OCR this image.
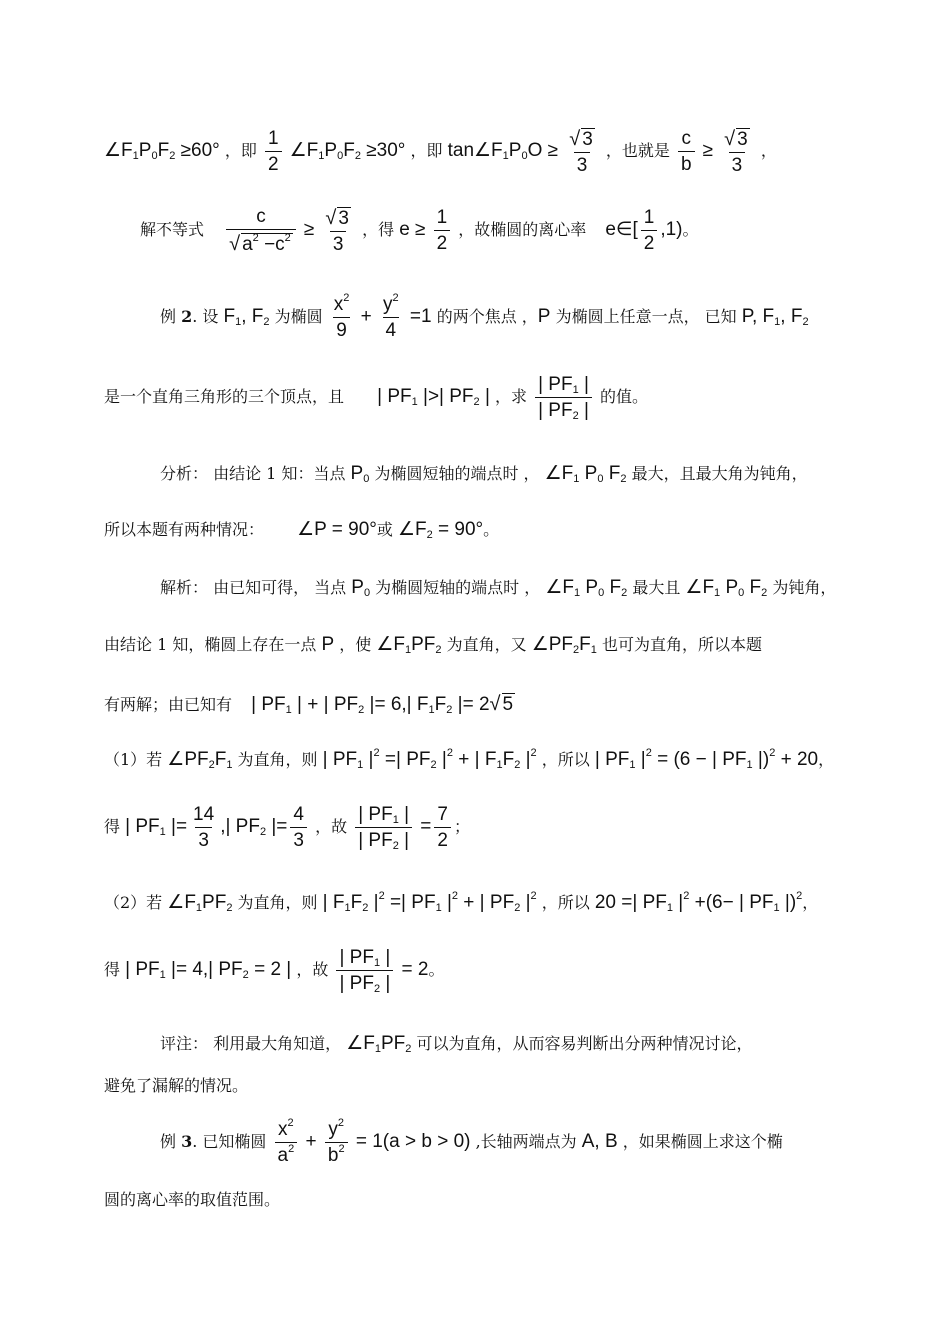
$\angle F_1P_0F_2 \ge 60^\circ$ ，即 $\frac{1}{2}$ $\angle F_1P_0F_2 \ge 30^\circ$ ，即 $\tan\angle F_1P_0O \ge \frac{√ 3}{3}$ ，也就是 $\frac{c}{b} \ge \frac{√ 3}{3}$ ，
解不等式 $\frac{c}{√ a^2 -c^2} \ge \frac{√ 3}{3}$ ，得 $e \ge \frac{1}{2}$ ，故椭圆的离心率 e∈[ $\frac{1}{2} ,1$)。
例 2. 设 $F_1$, $F_2$ 为椭圆 $\frac{x^2}{9} + \frac{y^2}{4} =1$ 的两个焦点 ，P 为椭圆上任意一点， 已知 P, $F_1$, $F_2$
是一个直角三角形的三个顶点，且 | $PF_1$ |>| $PF_2$ | ，求 $\frac{| PF_1 |}{| PF_2 |}$ 的值。
分析： 由结论 1 知：当点 $P_0$ 为椭圆短轴的端点时 ， $\angle F_1$ $P_0$ $F_2$ 最大，且最大角为钝角，
所以本题有两种情况： ∠P = 90°或 $\angle F_2 = 90^\circ$。
解析： 由已知可得， 当点 $P_0$ 为椭圆短轴的端点时 ， $\angle F_1$ $P_0$ $F_2$ 最大且 $\angle F_1$ $P_0$ $F_2$ 为钝角，
由结论 1 知，椭圆上存在一点 P ，使 $\angle F_1PF_2$ 为直角，又 $\angle PF_2F_1$ 也可为直角，所以本题
有两解；由已知有 | $PF_1$ | + | $PF_2$ |= 6,| $F_1F_2$ |= 2√ 5
（1）若 $\angle PF_2F_1$ 为直角，则 | $PF_1$ $|^2$ =| $PF_2$ $|^2$ + | $F_1F_2$ $|^2$ ，所以 | $PF_1$ $|^2 = (6$ − | $PF_1$ |)$^2$ + 20，
得 | $PF_1$ |= $\frac{14}{3}$ ,| $PF_2$ |= $\frac{4}{3}$ ，故 $\frac{| PF_1 |}{| PF_2 |} = \frac{7}{2}$ ；
（2）若 $\angle F_1PF_2$ 为直角，则 | $F_1F_2$ $|^2$ =| $PF_1$ $|^2$ + | $PF_2$ $|^2$ ，所以 20 =| $PF_1$ $|^2 +(6-$ | $PF_1$ |)$^2$，
得 | $PF_1$ |= 4,| $PF_2 = 2$ | ，故 $\frac{| PF_1 |}{| PF_2 |} = 2$。
评注： 利用最大角知道， $\angle F_1PF_2$ 可以为直角，从而容易判断出分两种情况讨论，
避免了漏解的情况。
例 3. 已知椭圆 $\frac{x^2}{a^2} + \frac{y^2}{b^2} = 1(a > b > 0)$ ,长轴两端点为 A, B ，如果椭圆上求这个椭
圆的离心率的取值范围。
